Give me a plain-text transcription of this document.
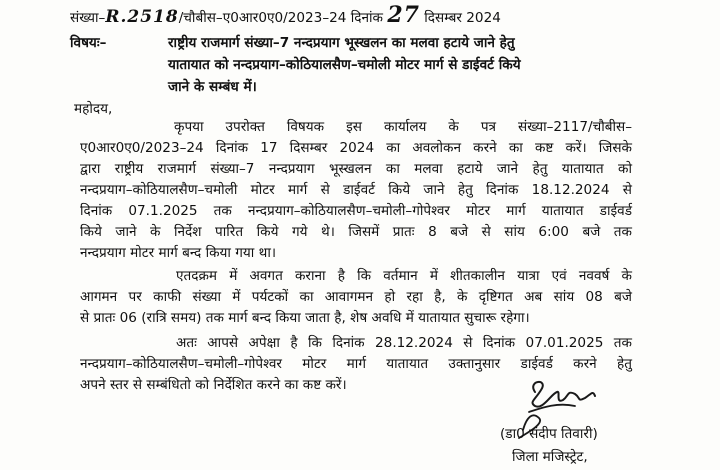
संख्या–R.2518/चौबीस–ए0आर0ए0/2023–24 दिनांक 27 दिसम्बर 2024
विषयः–	राष्ट्रीय राजमार्ग संख्या–7 नन्दप्रयाग भूस्खलन का मलवा हटाये जाने हेतु
यातायात को नन्दप्रयाग–कोठियालसैण–चमोली मोटर मार्ग से डाईवर्ट किये
जाने के सम्बंध में।
महोदय,
कृपया उपरोक्त विषयक इस कार्यालय के पत्र संख्या–2117/चौबीस–
ए0आर0ए0/2023–24 दिनांक 17 दिसम्बर 2024 का अवलोकन करने का कष्ट करें। जिसके
द्वारा राष्ट्रीय राजमार्ग संख्या–7 नन्दप्रयाग भूस्खलन का मलवा हटाये जाने हेतु यातायात को
नन्दप्रयाग–कोठियालसैण–चमोली मोटर मार्ग से डाईवर्ट किये जाने हेतु दिनांक 18.12.2024 से
दिनांक 07.1.2025 तक नन्दप्रयाग–कोठियालसैण–चमोली–गोपेश्वर मोटर मार्ग यातायात डाईवर्ड
किये जाने के निर्देश पारित किये गये थे। जिसमें प्रातः 8 बजे से सांय 6:00 बजे तक
नन्दप्रयाग मोटर मार्ग बन्द किया गया था।
एतदक्रम में अवगत कराना है कि वर्तमान में शीतकालीन यात्रा एवं नववर्ष के
आगमन पर काफी संख्या में पर्यटकों का आवागमन हो रहा है, के दृष्टिगत अब सांय 08 बजे
से प्रातः 06 (रात्रि समय) तक मार्ग बन्द किया जाता है, शेष अवधि में यातायात सुचारू रहेगा।
अतः आपसे अपेक्षा है कि दिनांक 28.12.2024 से दिनांक 07.01.2025 तक
नन्दप्रयाग–कोठियालसैण–चमोली–गोपेश्वर मोटर मार्ग यातायात उक्तानुसार डाईवर्ड करने हेतु
अपने स्तर से सम्बंधितो को निर्दे‍शित करने का कष्ट करें।
(डा0 संदीप तिवारी)
जिला मजिस्ट्रेट,
